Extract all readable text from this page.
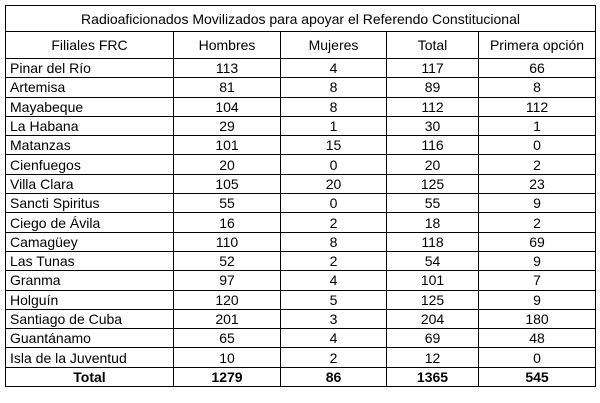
Radioaficionados Movilizados para apoyar el Referendo Constitucional				
Filiales FRC	Hombres	Mujeres	Total	Primera opción
Pinar del Río	113	4	117	66
Artemisa	81	8	89	8
Mayabeque	104	8	112	112
La Habana	29	1	30	1
Matanzas	101	15	116	0
Cienfuegos	20	0	20	2
Villa Clara	105	20	125	23
Sancti Spiritus	55	0	55	9
Ciego de Ávila	16	2	18	2
Camagüey	110	8	118	69
Las Tunas	52	2	54	9
Granma	97	4	101	7
Holguín	120	5	125	9
Santiago de Cuba	201	3	204	180
Guantánamo	65	4	69	48
Isla de la Juventud	10	2	12	0
Total	1279	86	1365	545
